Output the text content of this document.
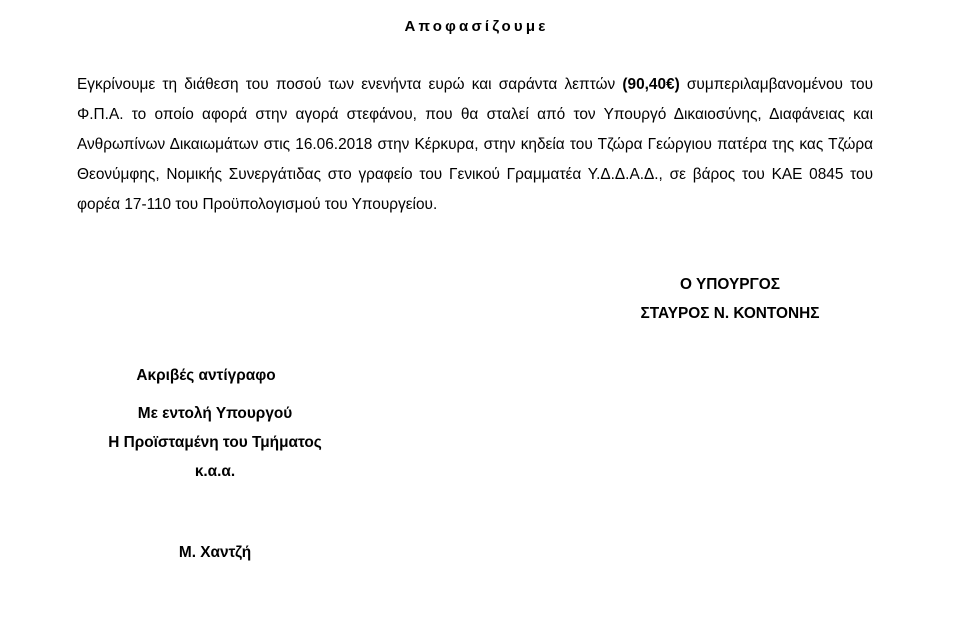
Αποφασίζουμε
Εγκρίνουμε τη διάθεση του ποσού των ενενήντα ευρώ και σαράντα λεπτών (90,40€) συμπεριλαμβανομένου του Φ.Π.Α. το οποίο αφορά στην αγορά στεφάνου, που θα σταλεί από τον Υπουργό Δικαιοσύνης, Διαφάνειας και Ανθρωπίνων Δικαιωμάτων στις 16.06.2018 στην Κέρκυρα, στην κηδεία του Τζώρα Γεώργιου πατέρα της κας Τζώρα Θεονύμφης, Νομικής Συνεργάτιδας στο γραφείο του Γενικού Γραμματέα Υ.Δ.Δ.Α.Δ., σε βάρος του ΚΑΕ 0845 του φορέα 17-110 του Προϋπολογισμού του Υπουργείου.
Ο ΥΠΟΥΡΓΟΣ
ΣΤΑΥΡΟΣ Ν. ΚΟΝΤΟΝΗΣ
Ακριβές αντίγραφο
Με εντολή Υπουργού
Η Προϊσταμένη του Τμήματος
κ.α.α.
Μ. Χαντζή
